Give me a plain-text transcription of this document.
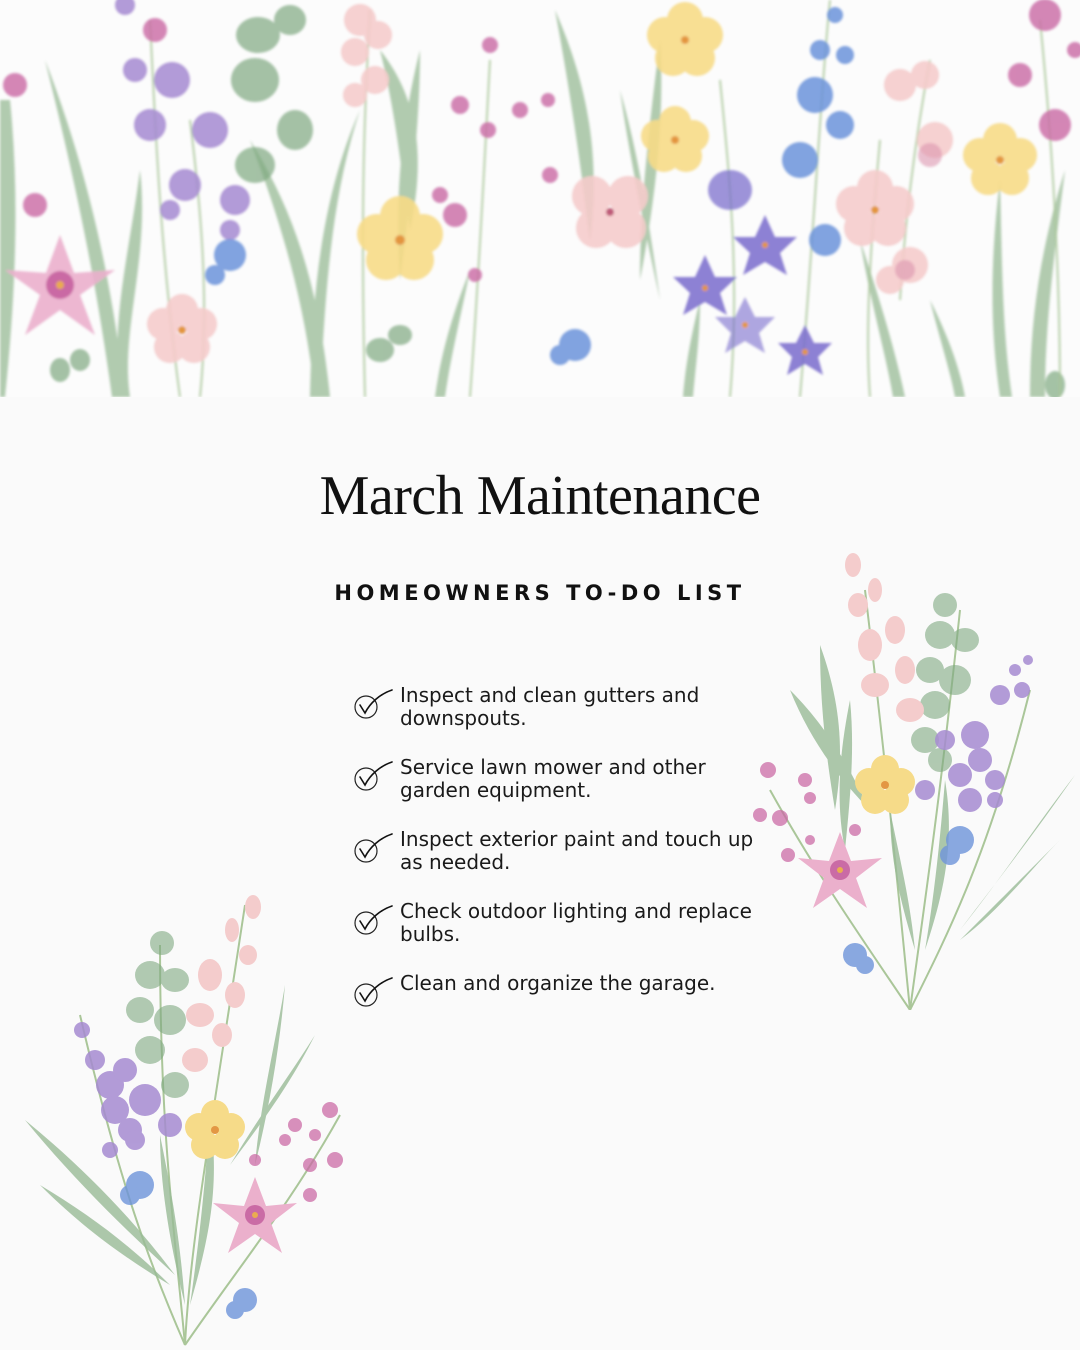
March Maintenance
HOMEOWNERS TO-DO LIST
Inspect and clean gutters and downspouts.
Service lawn mower and other garden equipment.
Inspect exterior paint and touch up as needed.
Check outdoor lighting and replace bulbs.
Clean and organize the garage.
